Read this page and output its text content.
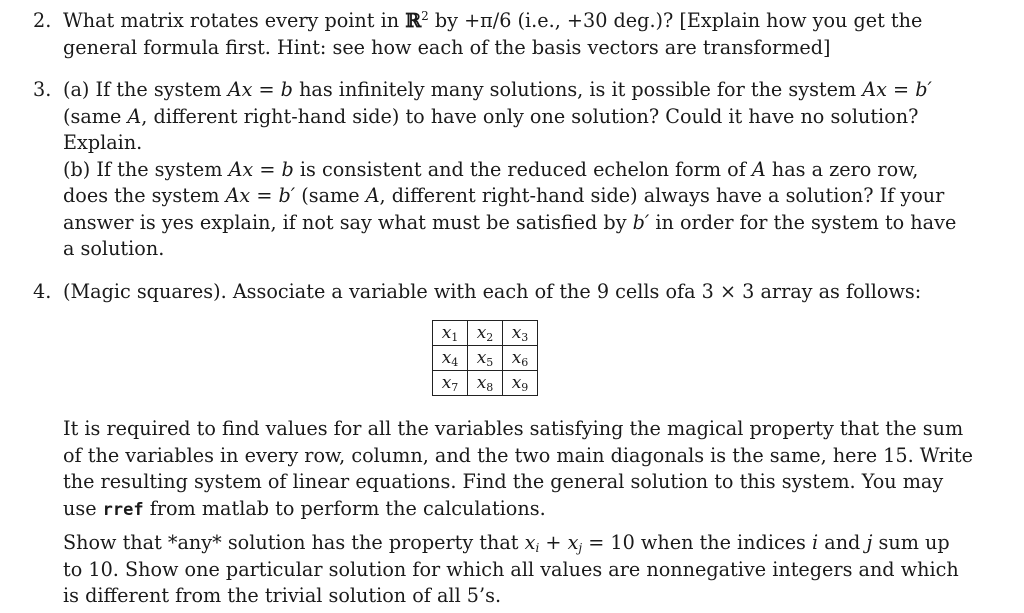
2. What matrix rotates every point in ℝ$^2$ by +π/6 (i.e., +30 deg.)? [Explain how you get the
general formula first. Hint: see how each of the basis vectors are transformed]
3. (a) If the system Ax = b has infinitely many solutions, is it possible for the system Ax = b′
(same A, different right-hand side) to have only one solution? Could it have no solution?
Explain.
(b) If the system Ax = b is consistent and the reduced echelon form of A has a zero row,
does the system Ax = b′ (same A, different right-hand side) always have a solution? If your
answer is yes explain, if not say what must be satisfied by b′ in order for the system to have
a solution.
4. (Magic squares). Associate a variable with each of the 9 cells ofa 3 × 3 array as follows:
$x_1$	$x_2$	$x_3$
$x_4$	$x_5$	$x_6$
$x_7$	$x_8$	$x_9$
It is required to find values for all the variables satisfying the magical property that the sum
of the variables in every row, column, and the two main diagonals is the same, here 15. Write
the resulting system of linear equations. Find the general solution to this system. You may
use rref from matlab to perform the calculations.
Show that *any* solution has the property that $x_i + x_j = 10$ when the indices i and j sum up
to 10. Show one particular solution for which all values are nonnegative integers and which
is different from the trivial solution of all 5’s.
